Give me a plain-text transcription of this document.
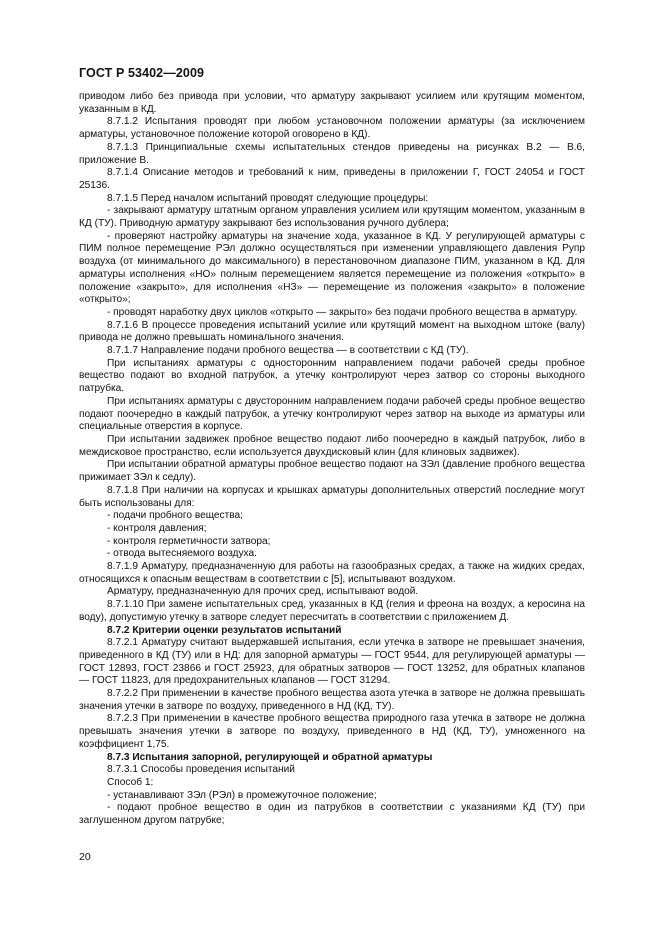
ГОСТ Р 53402—2009

приводом либо без привода при условии, что арматуру закрывают усилием или крутящим моментом, указанным в КД.

8.7.1.2 Испытания проводят при любом установочном положении арматуры (за исключением арматуры, установочное положение которой оговорено в КД).

8.7.1.3 Принципиальные схемы испытательных стендов приведены на рисунках В.2 — В.6, приложение В.

8.7.1.4 Описание методов и требований к ним, приведены в приложении Г, ГОСТ 24054 и ГОСТ 25136.

8.7.1.5 Перед началом испытаний проводят следующие процедуры:

- закрывают арматуру штатным органом управления усилием или крутящим моментом, указанным в КД (ТУ). Приводную арматуру закрывают без использования ручного дублера;

- проверяют настройку арматуры на значение хода, указанное в КД. У регулирующей арматуры с ПИМ полное перемещение РЭл должно осуществляться при изменении управляющего давления Pупр воздуха (от минимального до максимального) в перестановочном диапазоне ПИМ, указанном в КД. Для арматуры исполнения «НО» полным перемещением является перемещение из положения «открыто» в положение «закрыто», для исполнения «НЗ» — перемещение из положения «закрыто» в положение «открыто»;

- проводят наработку двух циклов «открыто — закрыто» без подачи пробного вещества в арматуру.

8.7.1.6 В процессе проведения испытаний усилие или крутящий момент на выходном штоке (валу) привода не должно превышать номинального значения.

8.7.1.7 Направление подачи пробного вещества — в соответствии с КД (ТУ).

При испытаниях арматуры с односторонним направлением подачи рабочей среды пробное вещество подают во входной патрубок, а утечку контролируют через затвор со стороны выходного патрубка.

При испытаниях арматуры с двусторонним направлением подачи рабочей среды пробное вещество подают поочередно в каждый патрубок, а утечку контролируют через затвор на выходе из арматуры или специальные отверстия в корпусе.

При испытании задвижек пробное вещество подают либо поочередно в каждый патрубок, либо в междисковое пространство, если используется двухдисковый клин (для клиновых задвижек).

При испытании обратной арматуры пробное вещество подают на ЗЭл (давление пробного вещества прижимает ЗЭл к седлу).

8.7.1.8 При наличии на корпусах и крышках арматуры дополнительных отверстий последние могут быть использованы для:

- подачи пробного вещества;

- контроля давления;

- контроля герметичности затвора;

- отвода вытесняемого воздуха.

8.7.1.9 Арматуру, предназначенную для работы на газообразных средах, а также на жидких средах, относящихся к опасным веществам в соответствии с [5], испытывают воздухом.

Арматуру, предназначенную для прочих сред, испытывают водой.

8.7.1.10 При замене испытательных сред, указанных в КД (гелия и фреона на воздух, а керосина на воду), допустимую утечку в затворе следует пересчитать в соответствии с приложением Д.

8.7.2 Критерии оценки результатов испытаний

8.7.2.1 Арматуру считают выдержавшей испытания, если утечка в затворе не превышает значения, приведенного в КД (ТУ) или в НД: для запорной арматуры — ГОСТ 9544, для регулирующей арматуры — ГОСТ 12893, ГОСТ 23866 и ГОСТ 25923, для обратных затворов — ГОСТ 13252, для обратных клапанов — ГОСТ 11823, для предохранительных клапанов — ГОСТ 31294.

8.7.2.2 При применении в качестве пробного вещества азота утечка в затворе не должна превышать значения утечки в затворе по воздуху, приведенного в НД (КД, ТУ).

8.7.2.3 При применении в качестве пробного вещества природного газа утечка в затворе не должна превышать значения утечки в затворе по воздуху, приведенного в НД (КД, ТУ), умноженного на коэффициент 1,75.

8.7.3 Испытания запорной, регулирующей и обратной арматуры

8.7.3.1 Способы проведения испытаний

Способ 1:

- устанавливают ЗЭл (РЭл) в промежуточное положение;

- подают пробное вещество в один из патрубков в соответствии с указаниями КД (ТУ) при заглушенном другом патрубке;

20
